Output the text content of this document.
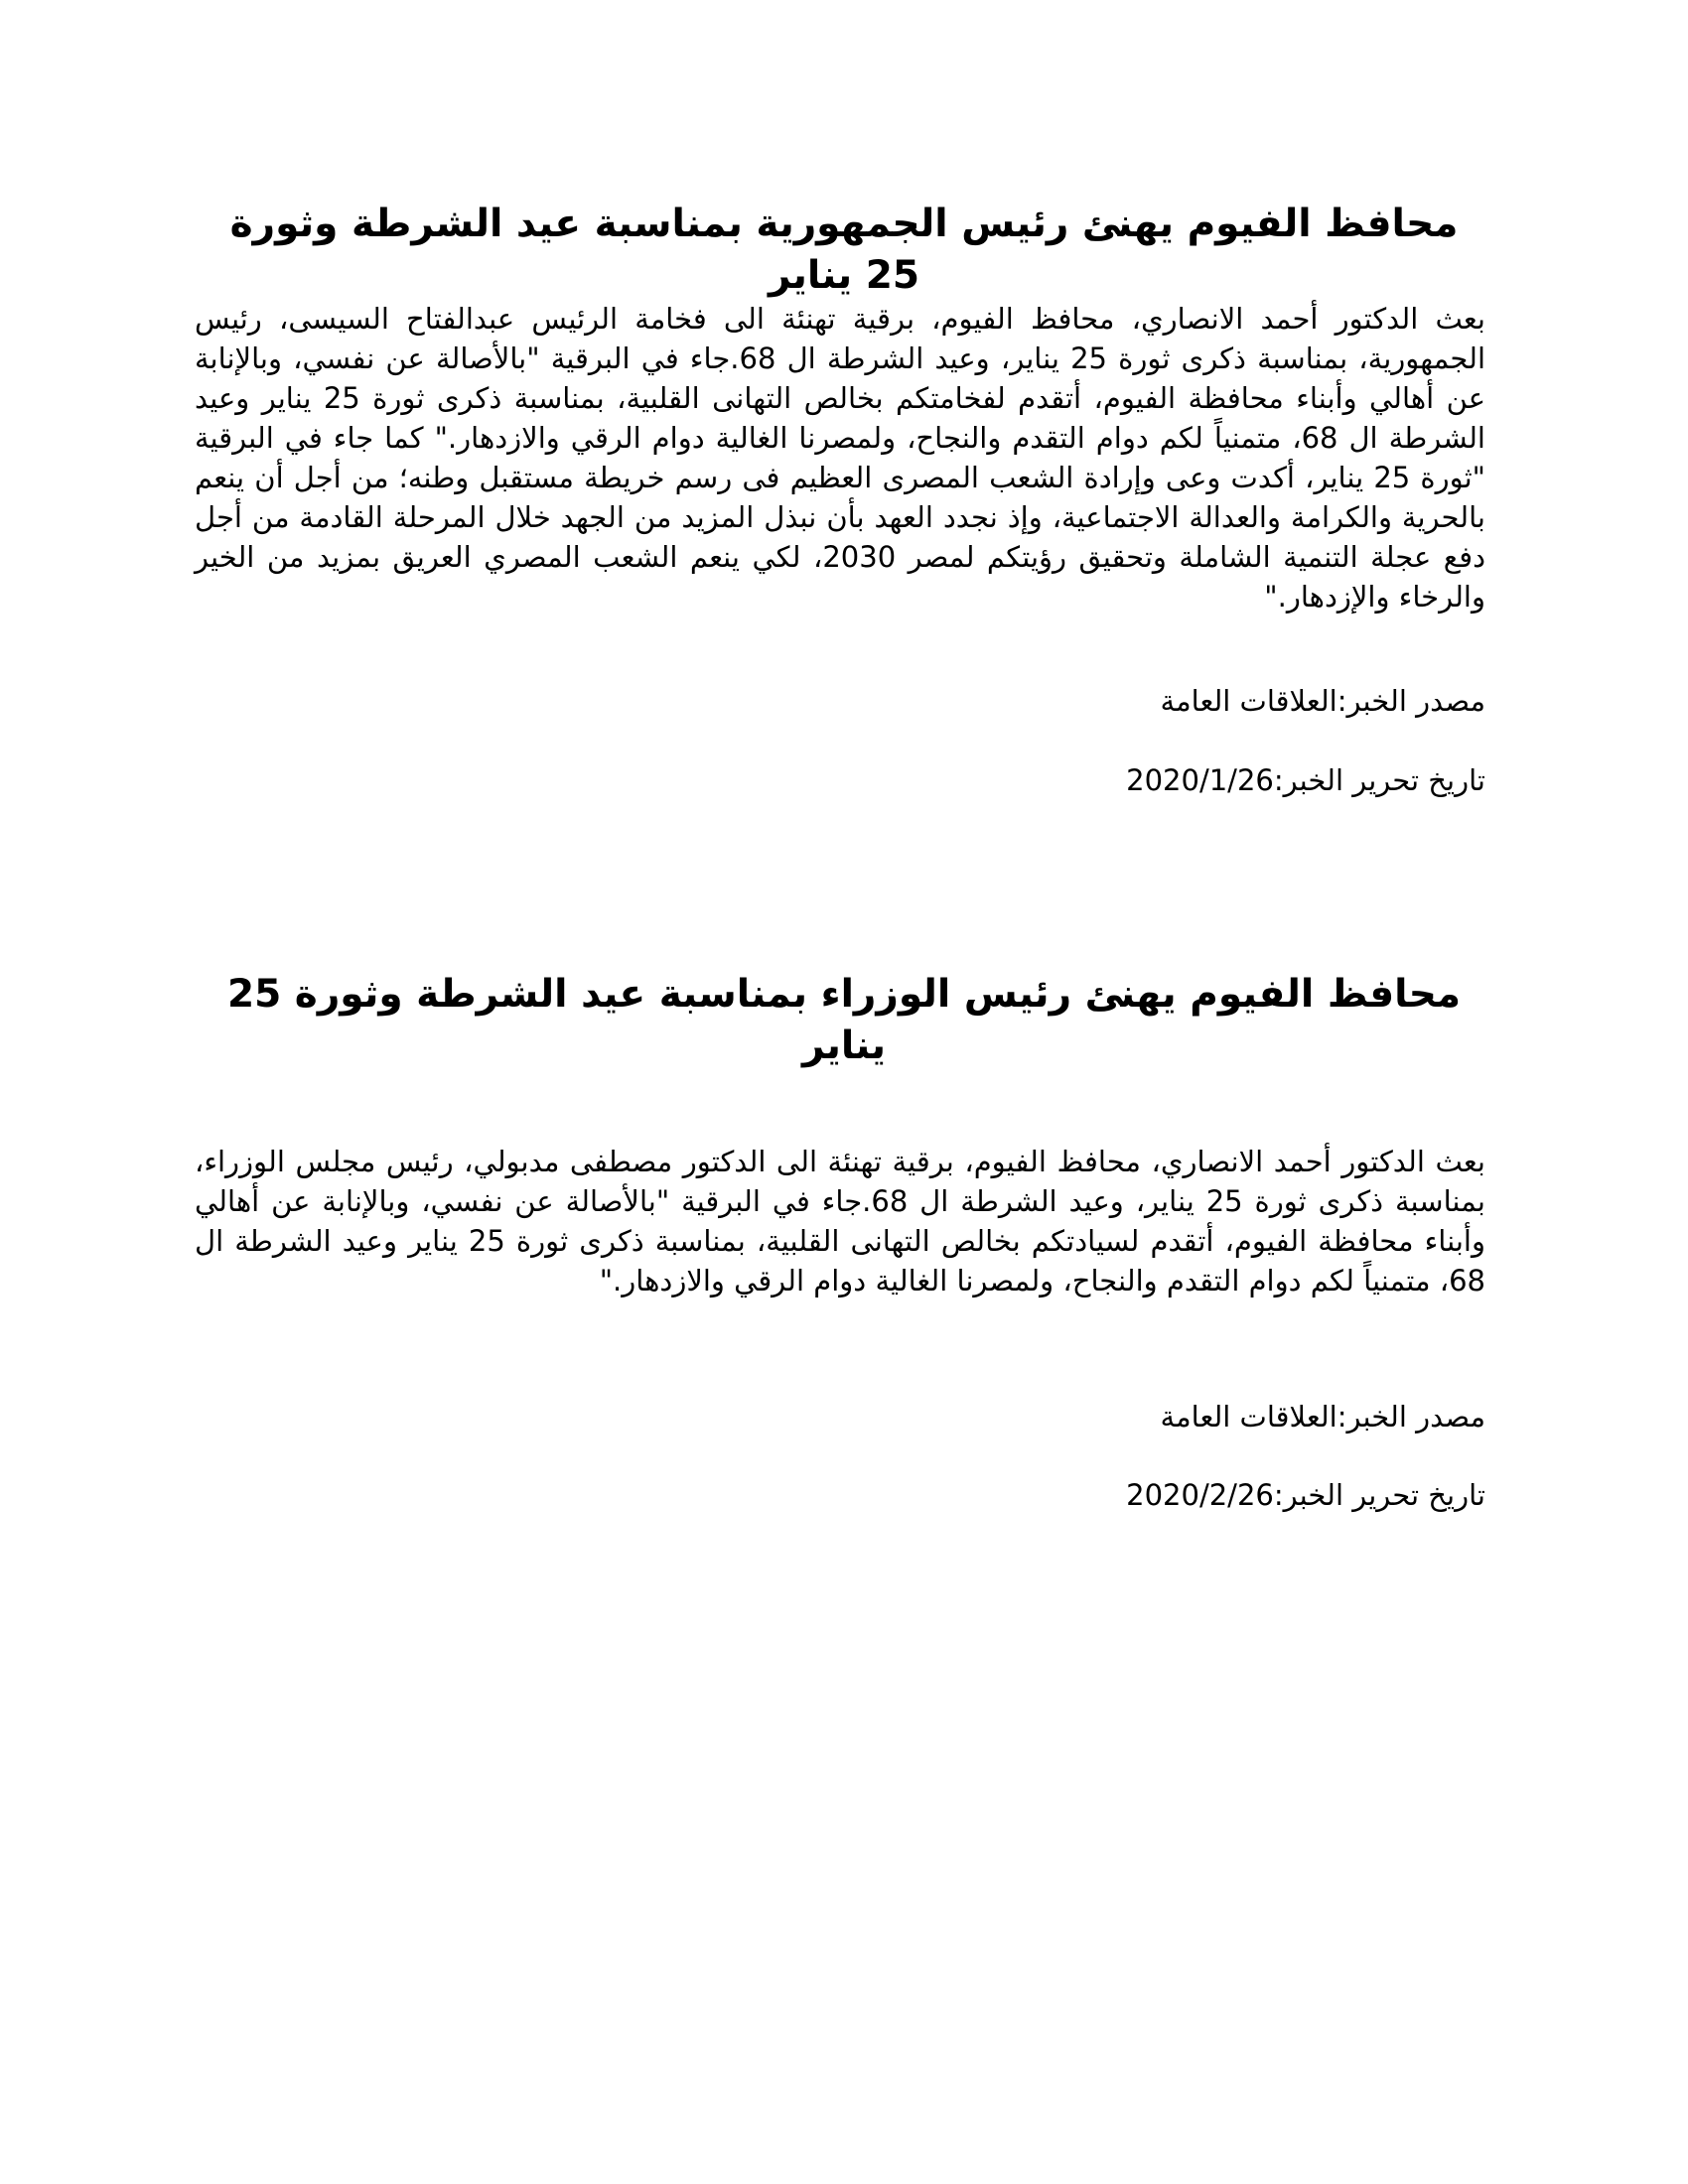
محافظ الفيوم يهنئ رئيس الجمهورية بمناسبة عيد الشرطة وثورة 25 يناير

بعث الدكتور أحمد الانصاري، محافظ الفيوم، برقية تهنئة الى فخامة الرئيس عبدالفتاح السيسى، رئيس الجمهورية، بمناسبة ذكرى ثورة 25 يناير، وعيد الشرطة ال 68.جاء في البرقية "بالأصالة عن نفسي، وبالإنابة عن أهالي وأبناء محافظة الفيوم، أتقدم لفخامتكم بخالص التهانى القلبية، بمناسبة ذكرى ثورة 25 يناير وعيد الشرطة ال 68، متمنياً لكم دوام التقدم والنجاح، ولمصرنا الغالية دوام الرقي والازدهار." كما جاء في البرقية "ثورة 25 يناير، أكدت وعى وإرادة الشعب المصرى العظيم فى رسم خريطة مستقبل وطنه؛ من أجل أن ينعم بالحرية والكرامة والعدالة الاجتماعية، وإذ نجدد العهد بأن نبذل المزيد من الجهد خلال المرحلة القادمة من أجل دفع عجلة التنمية الشاملة وتحقيق رؤيتكم لمصر 2030، لكي ينعم الشعب المصري العريق بمزيد من الخير والرخاء والإزدهار."

مصدر الخبر:العلاقات العامة

تاريخ تحرير الخبر:2020/1/26

محافظ الفيوم يهنئ رئيس الوزراء بمناسبة عيد الشرطة وثورة 25 يناير

بعث الدكتور أحمد الانصاري، محافظ الفيوم، برقية تهنئة الى الدكتور مصطفى مدبولي، رئيس مجلس الوزراء، بمناسبة ذكرى ثورة 25 يناير، وعيد الشرطة ال 68.جاء في البرقية "بالأصالة عن نفسي، وبالإنابة عن أهالي وأبناء محافظة الفيوم، أتقدم لسيادتكم بخالص التهانى القلبية، بمناسبة ذكرى ثورة 25 يناير وعيد الشرطة ال 68، متمنياً لكم دوام التقدم والنجاح، ولمصرنا الغالية دوام الرقي والازدهار."

مصدر الخبر:العلاقات العامة

تاريخ تحرير الخبر:2020/2/26
